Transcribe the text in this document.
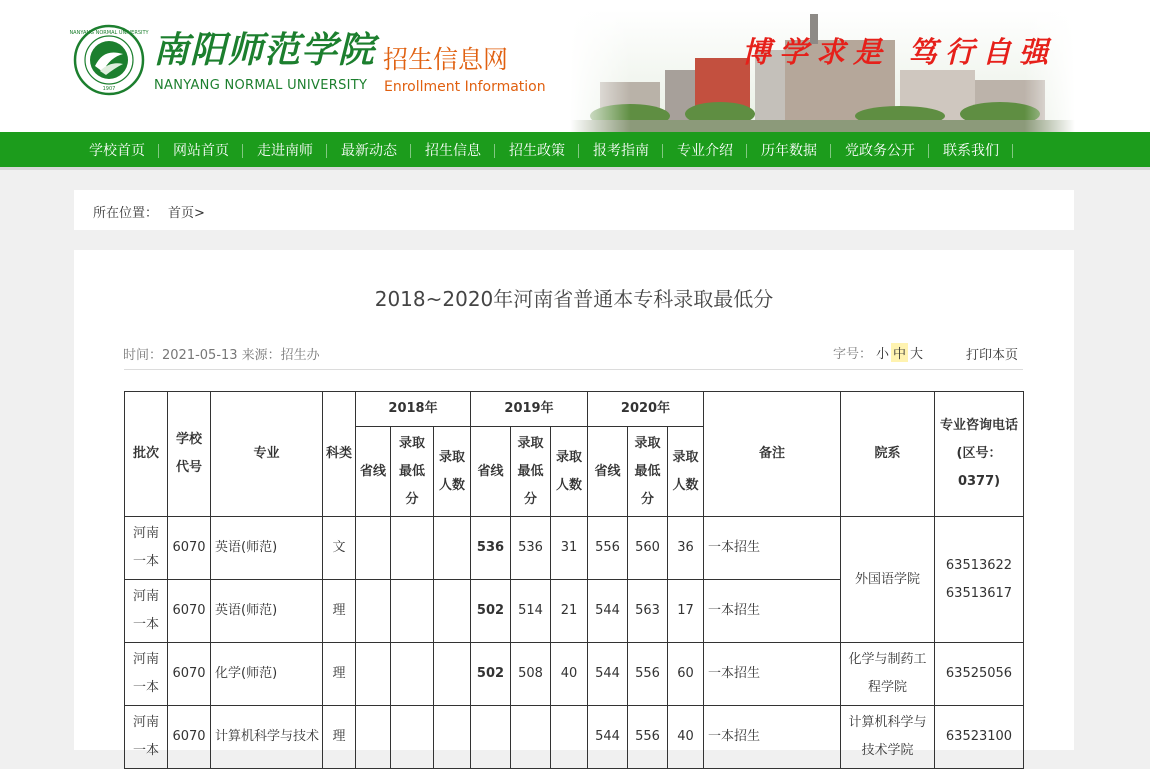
NANYANG NORMAL UNIVERSITY
1907
南阳师范学院
NANYANG NORMAL UNIVERSITY
招生信息网
Enrollment Information
博学求是 笃行自强
学校首页	网站首页	走进南师	最新动态	招生信息	招生政策	报考指南	专业介绍	历年数据	党政务公开	联系我们
所在位置： 首页>
2018~2020年河南省普通本专科录取最低分
时间：2021-05-13 来源：招生办	字号： 小 中 大	打印本页
批次	学校代号	专业	科类	2018年			2019年			2020年			备注	院系	专业咨询电话(区号：0377)
				省线	录取最低分	录取人数	省线	录取最低分	录取人数	省线	录取最低分	录取人数			
河南一本	6070	英语(师范)	文				536	536	31	556	560	36	一本招生	外国语学院	63513622 63513617
河南一本	6070	英语(师范)	理				502	514	21	544	563	17	一本招生		
河南一本	6070	化学(师范)	理				502	508	40	544	556	60	一本招生	化学与制药工程学院	63525056
河南一本	6070	计算机科学与技术	理							544	556	40	一本招生	计算机科学与技术学院	63523100
